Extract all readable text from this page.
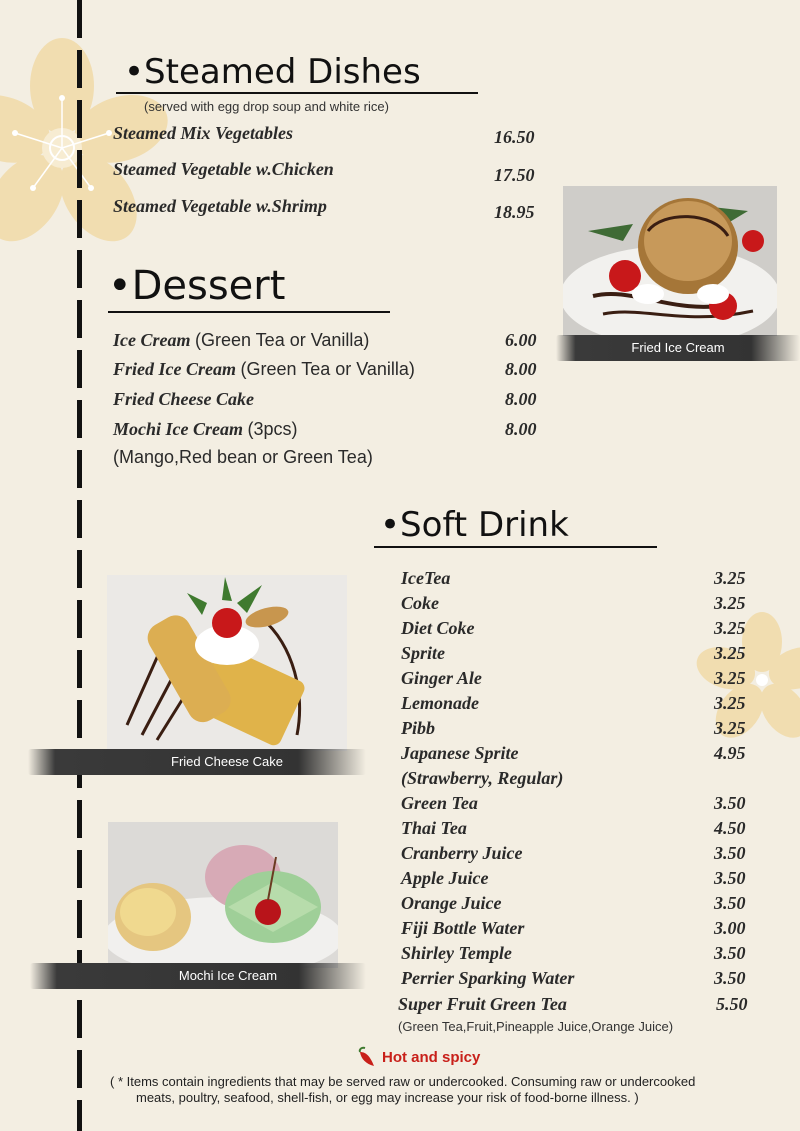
•Steamed Dishes
(served with egg drop soup and white rice)
Steamed Mix Vegetables	16.50
Steamed Vegetable w.Chicken	17.50
Steamed Vegetable w.Shrimp	18.95
Fried Ice Cream
•Dessert
Ice Cream (Green Tea or Vanilla)	6.00
Fried Ice Cream (Green Tea or Vanilla)	8.00
Fried Cheese Cake	8.00
Mochi Ice Cream (3pcs)	8.00
(Mango,Red bean or Green Tea)
•Soft Drink
IceTea	3.25
Coke	3.25
Diet Coke	3.25
Sprite	3.25
Ginger Ale	3.25
Lemonade	3.25
Pibb	3.25
Japanese Sprite	4.95
(Strawberry, Regular)
Green Tea	3.50
Thai Tea	4.50
Cranberry Juice	3.50
Apple Juice	3.50
Orange Juice	3.50
Fiji Bottle Water	3.00
Shirley Temple	3.50
Perrier Sparking Water	3.50
Super Fruit Green Tea	5.50
(Green Tea,Fruit,Pineapple Juice,Orange Juice)
Fried Cheese Cake
Mochi Ice Cream
Hot and spicy
( * Items contain ingredients that may be served raw or undercooked. Consuming raw or undercooked
meats, poultry, seafood, shell-fish, or egg may increase your risk of food-borne illness. )
